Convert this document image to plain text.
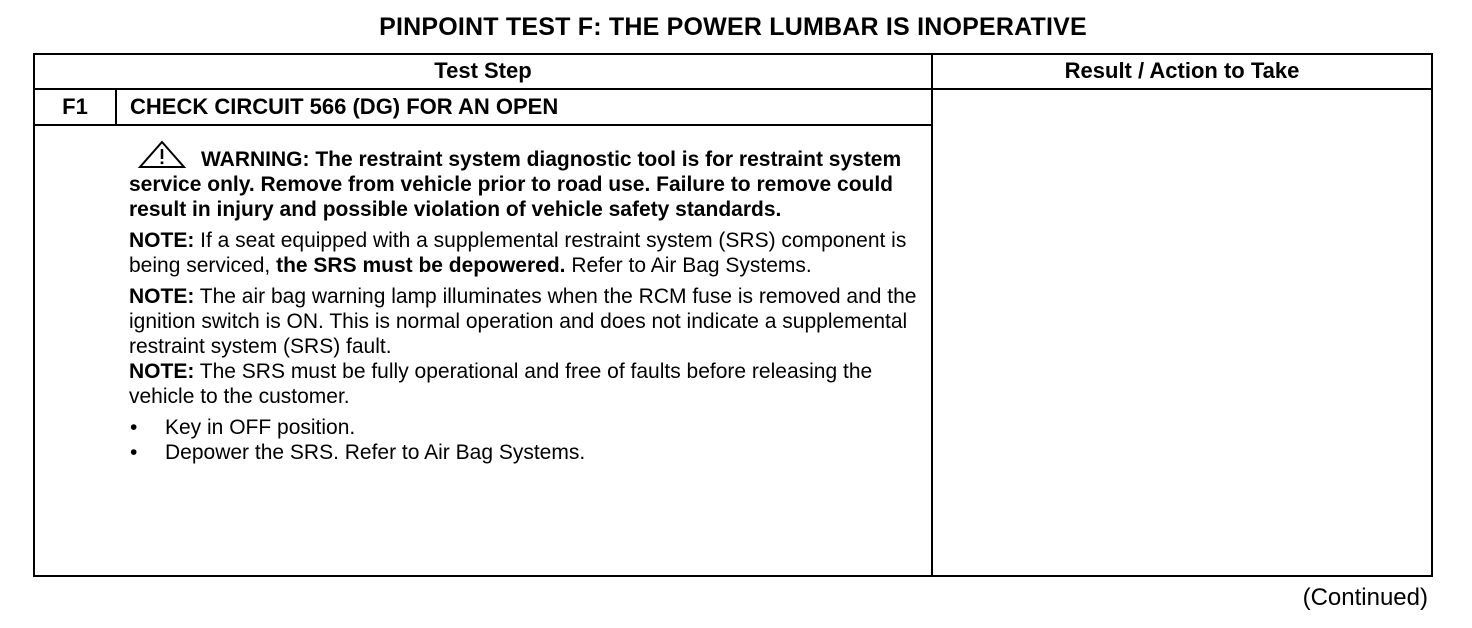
PINPOINT TEST F: THE POWER LUMBAR IS INOPERATIVE
Test Step	Result / Action to Take
F1	CHECK CIRCUIT 566 (DG) FOR AN OPEN

WARNING: The restraint system diagnostic tool is for restraint system service only. Remove from vehicle prior to road use. Failure to remove could result in injury and possible violation of vehicle safety standards.

NOTE: If a seat equipped with a supplemental restraint system (SRS) component is being serviced, the SRS must be depowered. Refer to Air Bag Systems.

NOTE: The air bag warning lamp illuminates when the RCM fuse is removed and the ignition switch is ON. This is normal operation and does not indicate a supplemental restraint system (SRS) fault.

NOTE: The SRS must be fully operational and free of faults before releasing the vehicle to the customer.

• Key in OFF position.
• Depower the SRS. Refer to Air Bag Systems.
(Continued)
